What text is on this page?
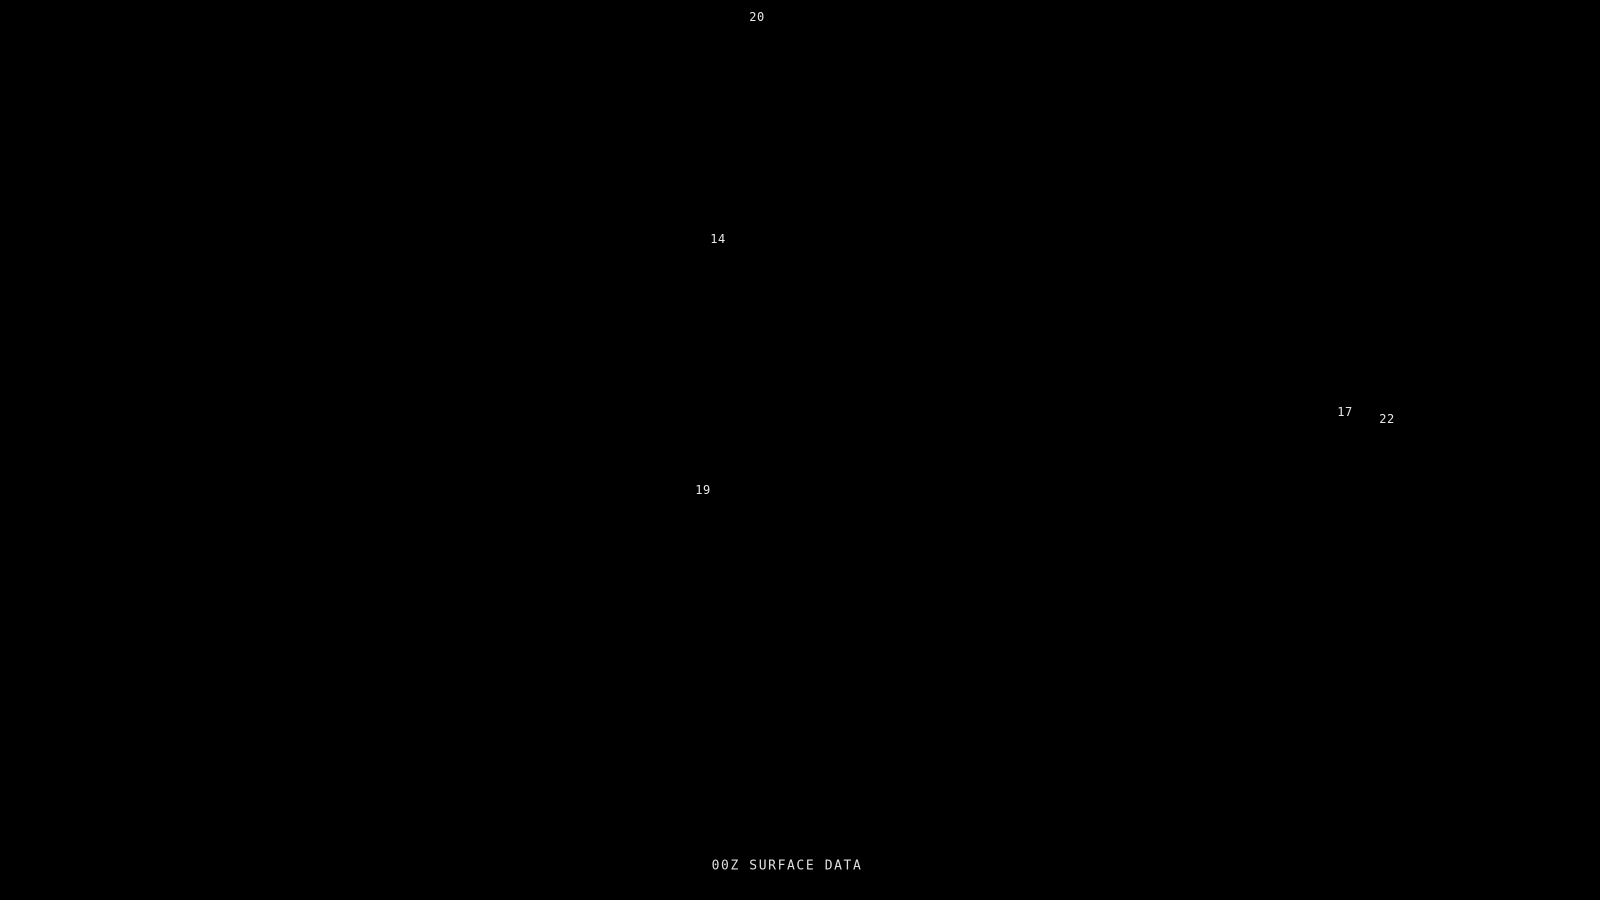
20
14
17 22
19
00Z SURFACE DATA
